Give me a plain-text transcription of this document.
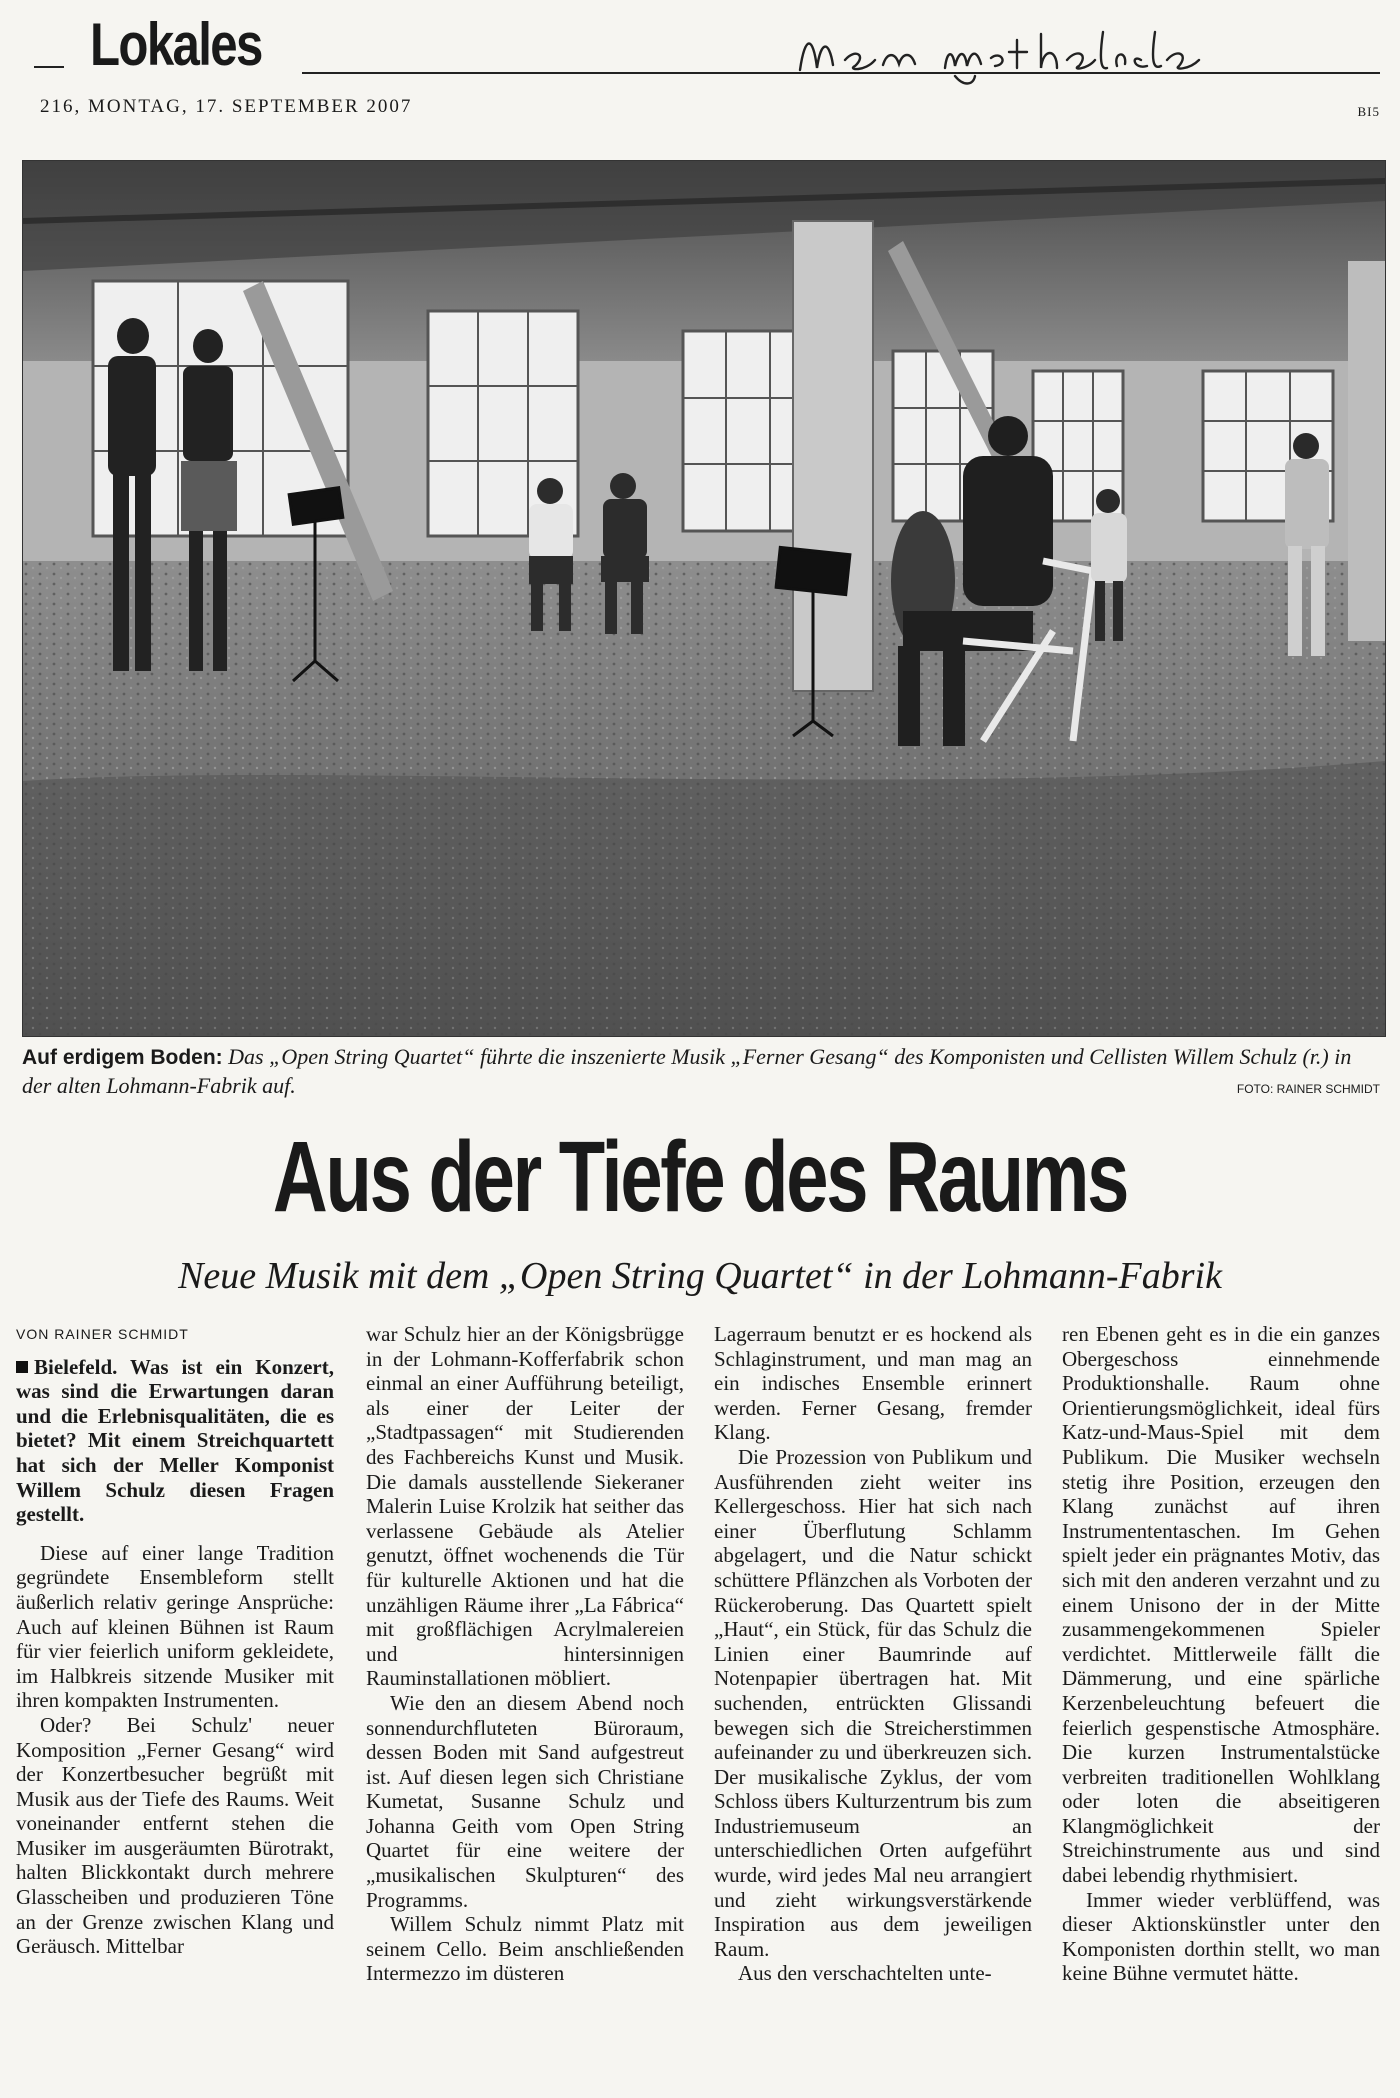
Lokales
216, MONTAG, 17. SEPTEMBER 2007	BI5
Auf erdigem Boden: Das „Open String Quartet“ führte die inszenierte Musik „Ferner Gesang“ des Komponisten und Cellisten Willem Schulz (r.) in der alten Lohmann-Fabrik auf.	FOTO: RAINER SCHMIDT
Aus der Tiefe des Raums
Neue Musik mit dem „Open String Quartet“ in der Lohmann-Fabrik

VON RAINER SCHMIDT

Bielefeld. Was ist ein Konzert, was sind die Erwartungen daran und die Erlebnisqualitäten, die es bietet? Mit einem Streichquartett hat sich der Meller Komponist Willem Schulz diesen Fragen gestellt.

Diese auf einer lange Tradition gegründete Ensembleform stellt äußerlich relativ geringe Ansprüche: Auch auf kleinen Bühnen ist Raum für vier feierlich uniform gekleidete, im Halbkreis sitzende Musiker mit ihren kompakten Instrumenten.

Oder? Bei Schulz' neuer Komposition „Ferner Gesang“ wird der Konzertbesucher begrüßt mit Musik aus der Tiefe des Raums. Weit voneinander entfernt stehen die Musiker im ausgeräumten Bürotrakt, halten Blickkontakt durch mehrere Glasscheiben und produzieren Töne an der Grenze zwischen Klang und Geräusch. Mittelbar

war Schulz hier an der Königsbrügge in der Lohmann-Kofferfabrik schon einmal an einer Aufführung beteiligt, als einer der Leiter der „Stadtpassagen“ mit Studierenden des Fachbereichs Kunst und Musik. Die damals ausstellende Siekeraner Malerin Luise Krolzik hat seither das verlassene Gebäude als Atelier genutzt, öffnet wochenends die Tür für kulturelle Aktionen und hat die unzähligen Räume ihrer „La Fábrica“ mit großflächigen Acrylmalereien und hintersinnigen Rauminstallationen möbliert.

Wie den an diesem Abend noch sonnendurchfluteten Büroraum, dessen Boden mit Sand aufgestreut ist. Auf diesen legen sich Christiane Kumetat, Susanne Schulz und Johanna Geith vom Open String Quartet für eine weitere der „musikalischen Skulpturen“ des Programms.

Willem Schulz nimmt Platz mit seinem Cello. Beim anschließenden Intermezzo im düsteren

Lagerraum benutzt er es hockend als Schlaginstrument, und man mag an ein indisches Ensemble erinnert werden. Ferner Gesang, fremder Klang.

Die Prozession von Publikum und Ausführenden zieht weiter ins Kellergeschoss. Hier hat sich nach einer Überflutung Schlamm abgelagert, und die Natur schickt schüttere Pflänzchen als Vorboten der Rückeroberung. Das Quartett spielt „Haut“, ein Stück, für das Schulz die Linien einer Baumrinde auf Notenpapier übertragen hat. Mit suchenden, entrückten Glissandi bewegen sich die Streicherstimmen aufeinander zu und überkreuzen sich. Der musikalische Zyklus, der vom Schloss übers Kulturzentrum bis zum Industriemuseum an unterschiedlichen Orten aufgeführt wurde, wird jedes Mal neu arrangiert und zieht wirkungsverstärkende Inspiration aus dem jeweiligen Raum.

Aus den verschachtelten unte-

ren Ebenen geht es in die ein ganzes Obergeschoss einnehmende Produktionshalle. Raum ohne Orientierungsmöglichkeit, ideal fürs Katz-und-Maus-Spiel mit dem Publikum. Die Musiker wechseln stetig ihre Position, erzeugen den Klang zunächst auf ihren Instrumententaschen. Im Gehen spielt jeder ein prägnantes Motiv, das sich mit den anderen verzahnt und zu einem Unisono der in der Mitte zusammengekommenen Spieler verdichtet. Mittlerweile fällt die Dämmerung, und eine spärliche Kerzenbeleuchtung befeuert die feierlich gespenstische Atmosphäre. Die kurzen Instrumentalstücke verbreiten traditionellen Wohlklang oder loten die abseitigeren Klangmöglichkeit der Streichinstrumente aus und sind dabei lebendig rhythmisiert.

Immer wieder verblüffend, was dieser Aktionskünstler unter den Komponisten dorthin stellt, wo man keine Bühne vermutet hätte.
